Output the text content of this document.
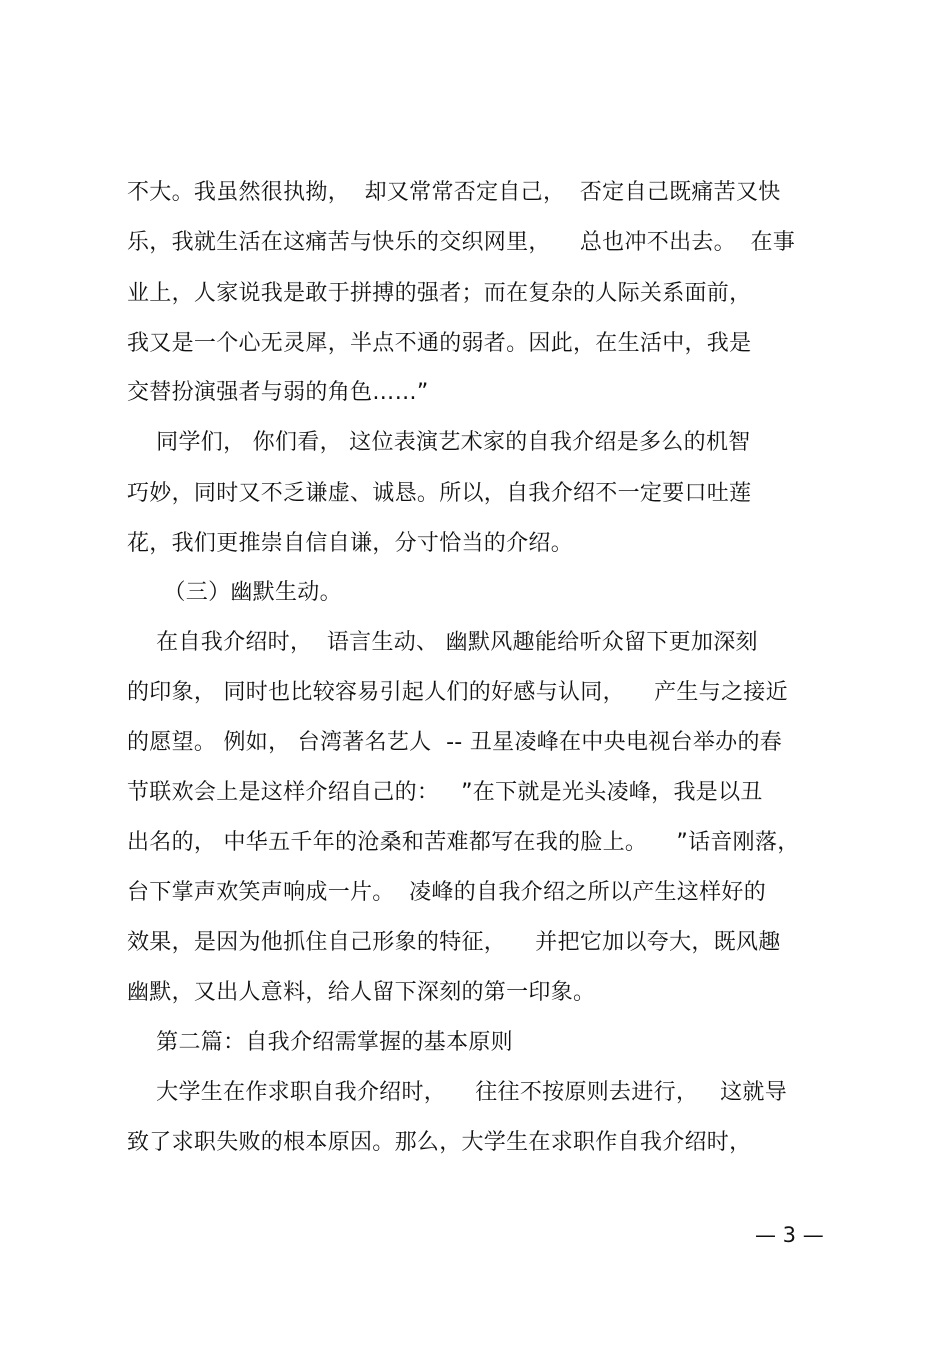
不大。我虽然很执拗，  却又常常否定自己，  否定自己既痛苦又快
乐，我就生活在这痛苦与快乐的交织网里，    总也冲不出去。  在事
业上，人家说我是敢于拼搏的强者；而在复杂的人际关系面前，
我又是一个心无灵犀，半点不通的弱者。因此，在生活中，我是
交替扮演强者与弱的角色……”
同学们， 你们看， 这位表演艺术家的自我介绍是多么的机智
巧妙，同时又不乏谦虚、诚恳。所以，自我介绍不一定要口吐莲
花，我们更推崇自信自谦，分寸恰当的介绍。
（三）幽默生动。
在自我介绍时，  语言生动、 幽默风趣能给听众留下更加深刻
的印象， 同时也比较容易引起人们的好感与认同，    产生与之接近
的愿望。 例如， 台湾著名艺人  -- 丑星凌峰在中央电视台举办的春
节联欢会上是这样介绍自己的：   ”在下就是光头凌峰，我是以丑
出名的， 中华五千年的沧桑和苦难都写在我的脸上。    ”话音刚落，
台下掌声欢笑声响成一片。  凌峰的自我介绍之所以产生这样好的
效果，是因为他抓住自己形象的特征，    并把它加以夸大，既风趣
幽默，又出人意料，给人留下深刻的第一印象。
第二篇：自我介绍需掌握的基本原则
大学生在作求职自我介绍时，    往往不按原则去进行，   这就导
致了求职失败的根本原因。那么，大学生在求职作自我介绍时，
— 3 —
